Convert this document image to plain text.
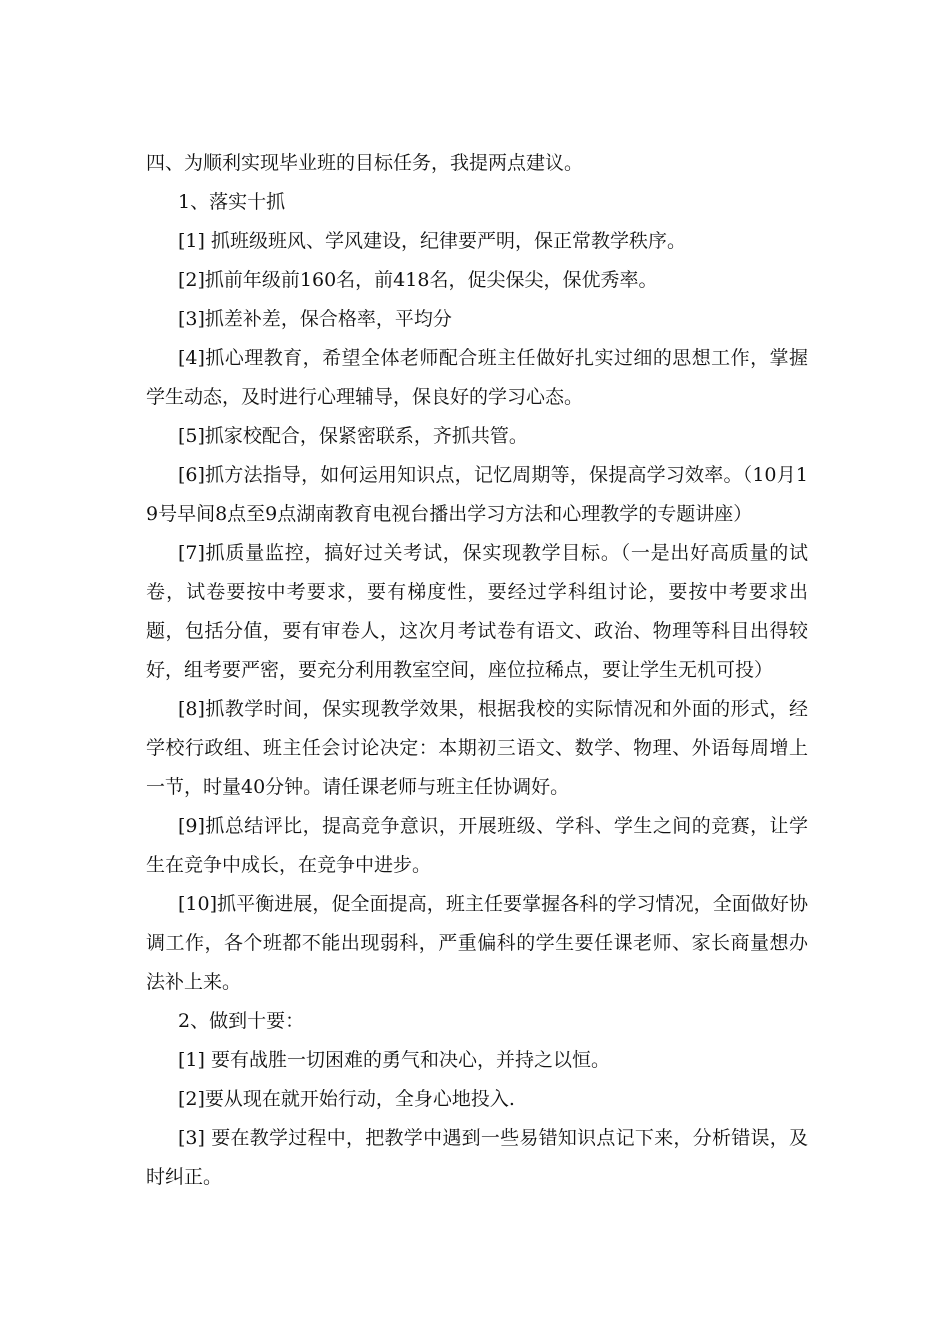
四、为顺利实现毕业班的目标任务，我提两点建议。

1、落实十抓

[1] 抓班级班风、学风建设，纪律要严明，保正常教学秩序。

[2]抓前年级前160名，前418名，促尖保尖，保优秀率。

[3]抓差补差，保合格率，平均分

[4]抓心理教育，希望全体老师配合班主任做好扎实过细的思想工作，掌握学生动态，及时进行心理辅导，保良好的学习心态。

[5]抓家校配合，保紧密联系，齐抓共管。

[6]抓方法指导，如何运用知识点，记忆周期等，保提高学习效率。（10月19号早间8点至9点湖南教育电视台播出学习方法和心理教学的专题讲座）

[7]抓质量监控，搞好过关考试，保实现教学目标。（一是出好高质量的试卷，试卷要按中考要求，要有梯度性，要经过学科组讨论，要按中考要求出题，包括分值，要有审卷人，这次月考试卷有语文、政治、物理等科目出得较好，组考要严密，要充分利用教室空间，座位拉稀点，要让学生无机可投）

[8]抓教学时间，保实现教学效果，根据我校的实际情况和外面的形式，经学校行政组、班主任会讨论决定：本期初三语文、数学、物理、外语每周增上一节，时量40分钟。请任课老师与班主任协调好。

[9]抓总结评比，提高竞争意识，开展班级、学科、学生之间的竞赛，让学生在竞争中成长，在竞争中进步。

[10]抓平衡进展，促全面提高，班主任要掌握各科的学习情况，全面做好协调工作，各个班都不能出现弱科，严重偏科的学生要任课老师、家长商量想办法补上来。

2、做到十要：

[1] 要有战胜一切困难的勇气和决心，并持之以恒。

[2]要从现在就开始行动，全身心地投入.

[3] 要在教学过程中，把教学中遇到一些易错知识点记下来，分析错误，及时纠正。
